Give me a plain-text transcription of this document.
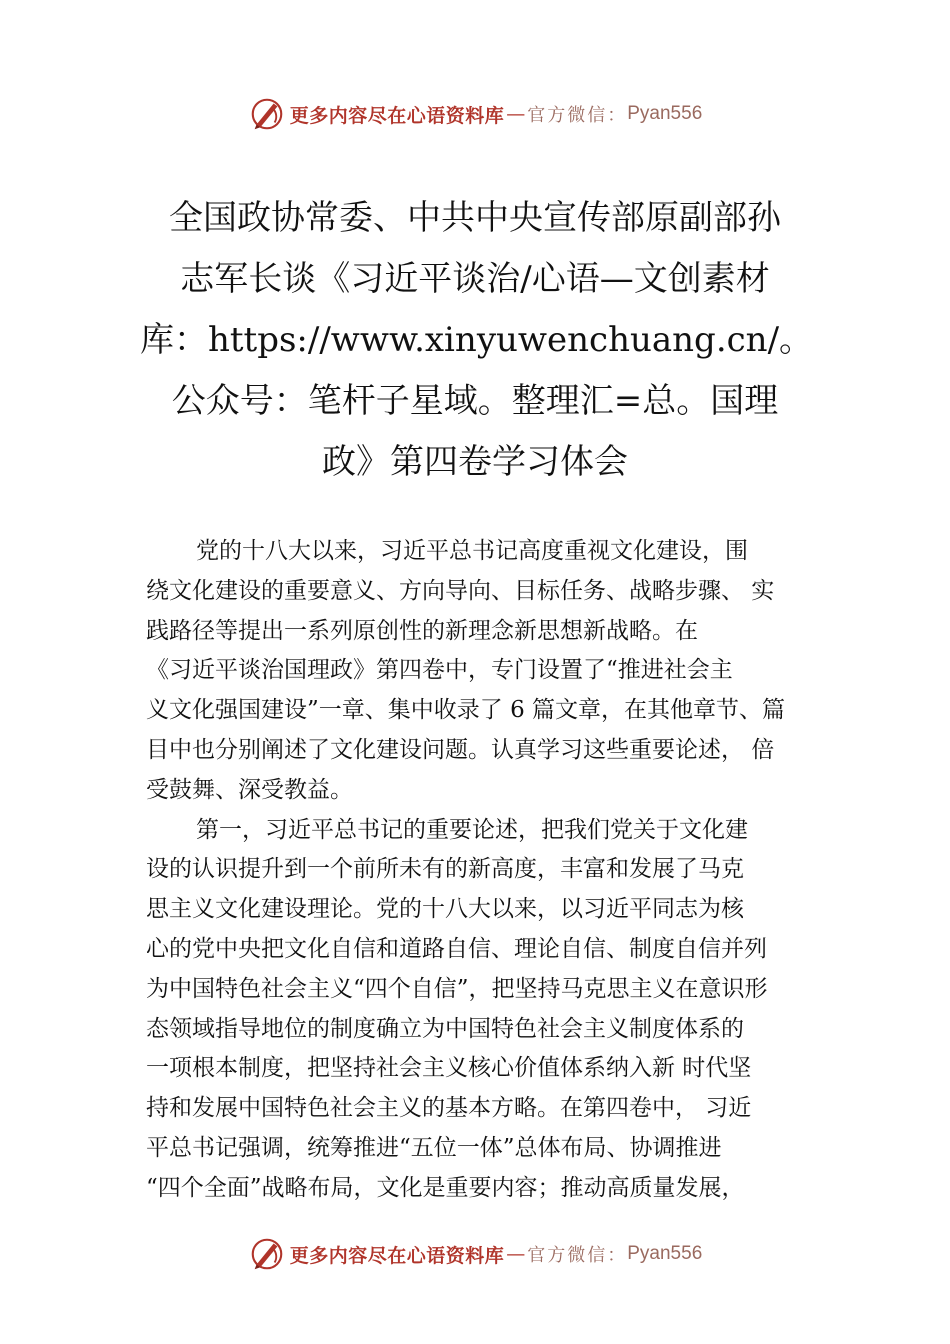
更多内容尽在心语资料库 — 官方微信： Pyan556
全国政协常委、中共中央宣传部原副部孙
志军长谈《习近平谈治/心语—文创素材
库：https://www.xinyuwenchuang.cn/。
公众号：笔杆子星域。整理汇=总。国理
政》第四卷学习体会
党的十八大以来，习近平总书记高度重视文化建设，围
绕文化建设的重要意义、方向导向、目标任务、战略步骤、 实
践路径等提出一系列原创性的新理念新思想新战略。在
《习近平谈治国理政》第四卷中，专门设置了“推进社会主
义文化强国建设”一章、集中收录了 6 篇文章，在其他章节、篇
目中也分别阐述了文化建设问题。认真学习这些重要论述， 倍
受鼓舞、深受教益。
第一，习近平总书记的重要论述，把我们党关于文化建
设的认识提升到一个前所未有的新高度，丰富和发展了马克
思主义文化建设理论。党的十八大以来，以习近平同志为核
心的党中央把文化自信和道路自信、理论自信、制度自信并列
为中国特色社会主义“四个自信”，把坚持马克思主义在意识形
态领域指导地位的制度确立为中国特色社会主义制度体系的
一项根本制度，把坚持社会主义核心价值体系纳入新 时代坚
持和发展中国特色社会主义的基本方略。在第四卷中， 习近
平总书记强调，统筹推进“五位一体”总体布局、协调推进
“四个全面”战略布局，文化是重要内容；推动高质量发展，
更多内容尽在心语资料库 — 官方微信： Pyan556
